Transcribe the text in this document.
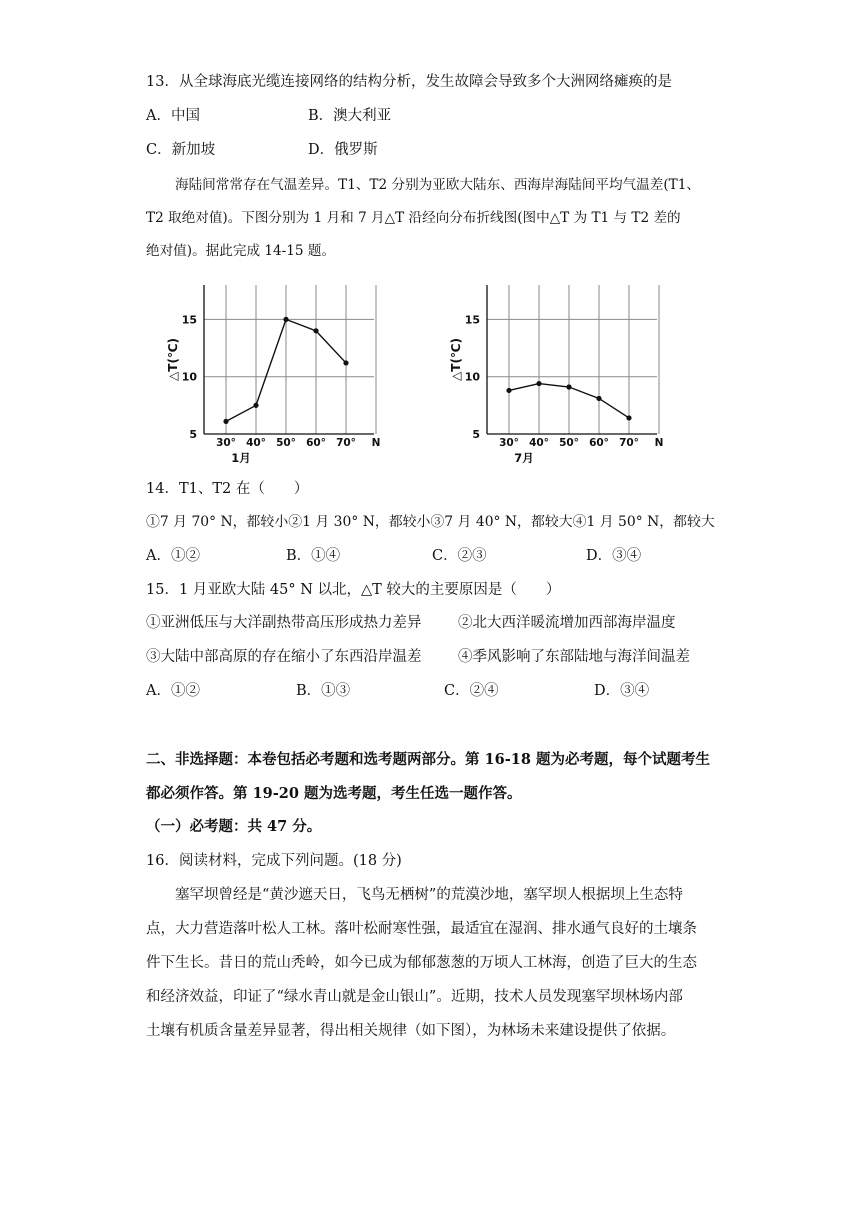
13．从全球海底光缆连接网络的结构分析，发生故障会导致多个大洲网络瘫痪的是
A．中国	B．澳大利亚
C．新加坡	D．俄罗斯
海陆间常常存在气温差异。T1、T2 分别为亚欧大陆东、西海岸海陆间平均气温差(T1、
T2 取绝对值)。下图分别为 1 月和 7 月△T 沿经向分布折线图(图中△T 为 T1 与 T2 差的
绝对值)。据此完成 14-15 题。
5
10
15
30° 40° 50° 60° 70° N
1月
△T(℃)
5
10
15
30° 40° 50° 60° 70° N
7月
△T(℃)
14．T1、T2 在（　　）
①7 月 70° N，都较小②1 月 30° N，都较小③7 月 40° N，都较大④1 月 50° N，都较大
A．①②	B．①④	C．②③	D．③④
15．1 月亚欧大陆 45° N 以北，△T 较大的主要原因是（　　）
①亚洲低压与大洋副热带高压形成热力差异	②北大西洋暖流增加西部海岸温度
③大陆中部高原的存在缩小了东西沿岸温差	④季风影响了东部陆地与海洋间温差
A．①②	B．①③	C．②④	D．③④
二、非选择题：本卷包括必考题和选考题两部分。第 16-18 题为必考题，每个试题考生
都必须作答。第 19-20 题为选考题，考生任选一题作答。
（一）必考题：共 47 分。
16．阅读材料，完成下列问题。(18 分)
塞罕坝曾经是“黄沙遮天日，飞鸟无栖树”的荒漠沙地，塞罕坝人根据坝上生态特
点，大力营造落叶松人工林。落叶松耐寒性强，最适宜在湿润、排水通气良好的土壤条
件下生长。昔日的荒山秃岭，如今已成为郁郁葱葱的万顷人工林海，创造了巨大的生态
和经济效益，印证了“绿水青山就是金山银山”。近期，技术人员发现塞罕坝林场内部
土壤有机质含量差异显著，得出相关规律（如下图），为林场未来建设提供了依据。
